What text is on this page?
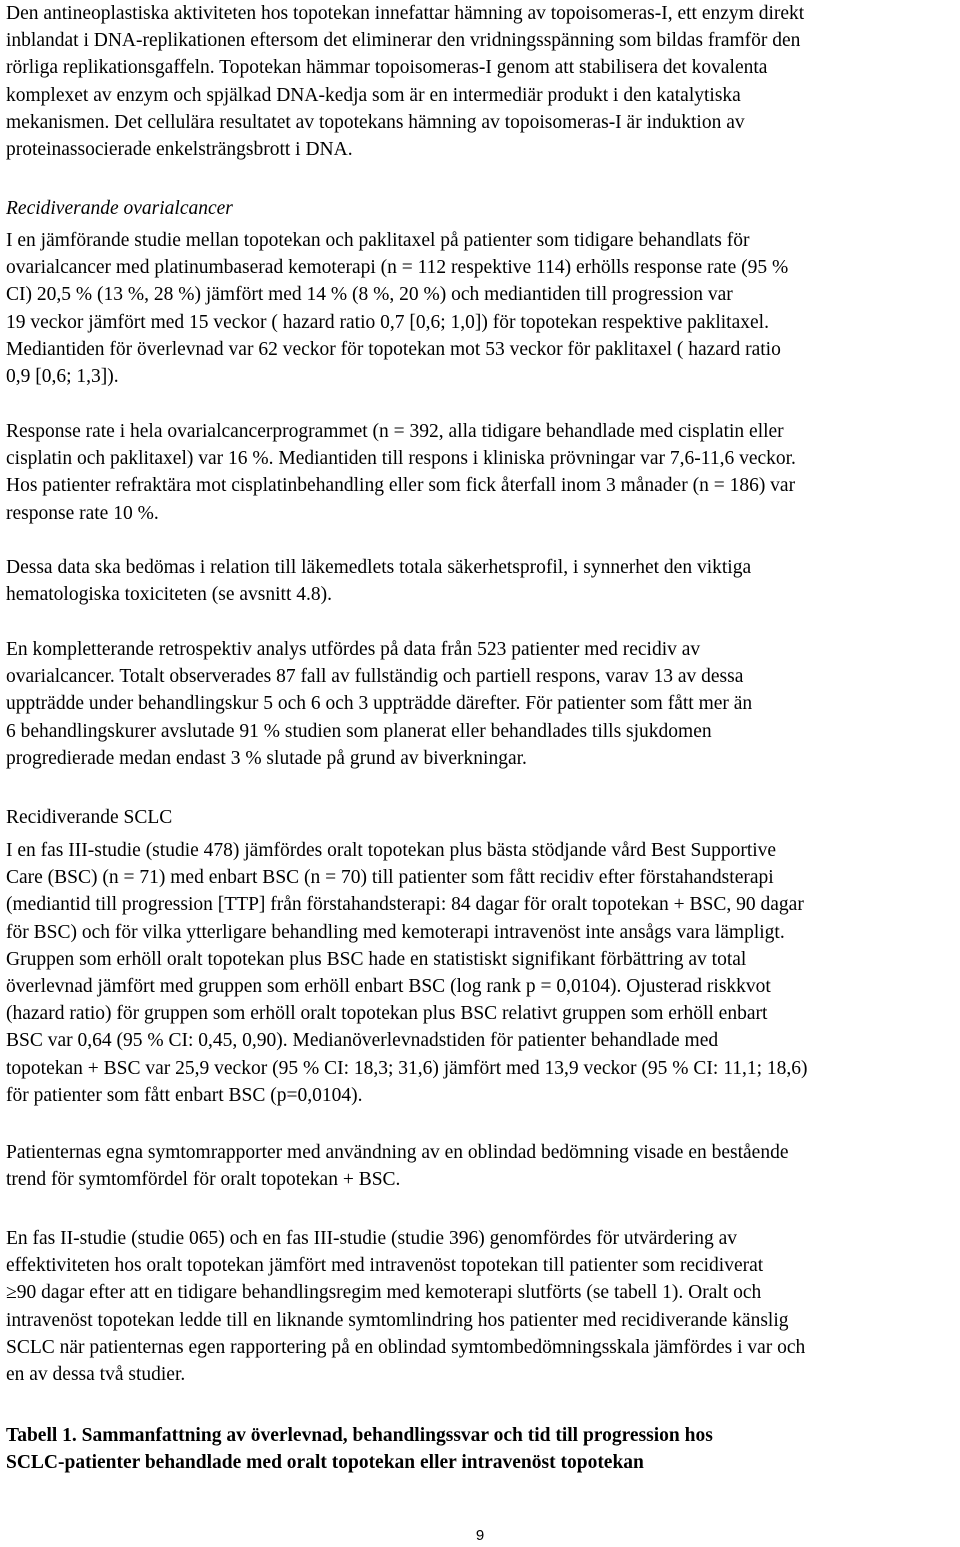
Den antineoplastiska aktiviteten hos topotekan innefattar hämning av topoisomeras-I, ett enzym direkt
inblandat i DNA-replikationen eftersom det eliminerar den vridningsspänning som bildas framför den
rörliga replikationsgaffeln. Topotekan hämmar topoisomeras-I genom att stabilisera det kovalenta
komplexet av enzym och spjälkad DNA-kedja som är en intermediär produkt i den katalytiska
mekanismen. Det cellulära resultatet av topotekans hämning av topoisomeras-I är induktion av
proteinassocierade enkelsträngsbrott i DNA.

Recidiverande ovarialcancer

I en jämförande studie mellan topotekan och paklitaxel på patienter som tidigare behandlats för
ovarialcancer med platinumbaserad kemoterapi (n = 112 respektive 114) erhölls response rate (95 %
CI) 20,5 % (13 %, 28 %) jämfört med 14 % (8 %, 20 %) och mediantiden till progression var
19 veckor jämfört med 15 veckor ( hazard ratio 0,7 [0,6; 1,0]) för topotekan respektive paklitaxel.
Mediantiden för överlevnad var 62 veckor för topotekan mot 53 veckor för paklitaxel ( hazard ratio
0,9 [0,6; 1,3]).

Response rate i hela ovarialcancerprogrammet (n = 392, alla tidigare behandlade med cisplatin eller
cisplatin och paklitaxel) var 16 %. Mediantiden till respons i kliniska prövningar var 7,6-11,6 veckor.
Hos patienter refraktära mot cisplatinbehandling eller som fick återfall inom 3 månader (n = 186) var
response rate 10 %.

Dessa data ska bedömas i relation till läkemedlets totala säkerhetsprofil, i synnerhet den viktiga
hematologiska toxiciteten (se avsnitt 4.8).

En kompletterande retrospektiv analys utfördes på data från 523 patienter med recidiv av
ovarialcancer. Totalt observerades 87 fall av fullständig och partiell respons, varav 13 av dessa
uppträdde under behandlingskur 5 och 6 och 3 uppträdde därefter. För patienter som fått mer än
6 behandlingskurer avslutade 91 % studien som planerat eller behandlades tills sjukdomen
progredierade medan endast 3 % slutade på grund av biverkningar.

Recidiverande SCLC

I en fas III-studie (studie 478) jämfördes oralt topotekan plus bästa stödjande vård Best Supportive
Care (BSC) (n = 71) med enbart BSC (n = 70) till patienter som fått recidiv efter förstahandsterapi
(mediantid till progression [TTP] från förstahandsterapi: 84 dagar för oralt topotekan + BSC, 90 dagar
för BSC) och för vilka ytterligare behandling med kemoterapi intravenöst inte ansågs vara lämpligt.
Gruppen som erhöll oralt topotekan plus BSC hade en statistiskt signifikant förbättring av total
överlevnad jämfört med gruppen som erhöll enbart BSC (log rank p = 0,0104). Ojusterad riskkvot
(hazard ratio) för gruppen som erhöll oralt topotekan plus BSC relativt gruppen som erhöll enbart
BSC var 0,64 (95 % CI: 0,45, 0,90). Medianöverlevnadstiden för patienter behandlade med
topotekan + BSC var 25,9 veckor (95 % CI: 18,3; 31,6) jämfört med 13,9 veckor (95 % CI: 11,1; 18,6)
för patienter som fått enbart BSC (p=0,0104).

Patienternas egna symtomrapporter med användning av en oblindad bedömning visade en bestående
trend för symtomfördel för oralt topotekan + BSC.

En fas II-studie (studie 065) och en fas III-studie (studie 396) genomfördes för utvärdering av
effektiviteten hos oralt topotekan jämfört med intravenöst topotekan till patienter som recidiverat
≥90 dagar efter att en tidigare behandlingsregim med kemoterapi slutförts (se tabell 1). Oralt och
intravenöst topotekan ledde till en liknande symtomlindring hos patienter med recidiverande känslig
SCLC när patienternas egen rapportering på en oblindad symtombedömningsskala jämfördes i var och
en av dessa två studier.

Tabell 1. Sammanfattning av överlevnad, behandlingssvar och tid till progression hos
SCLC-patienter behandlade med oralt topotekan eller intravenöst topotekan

9
